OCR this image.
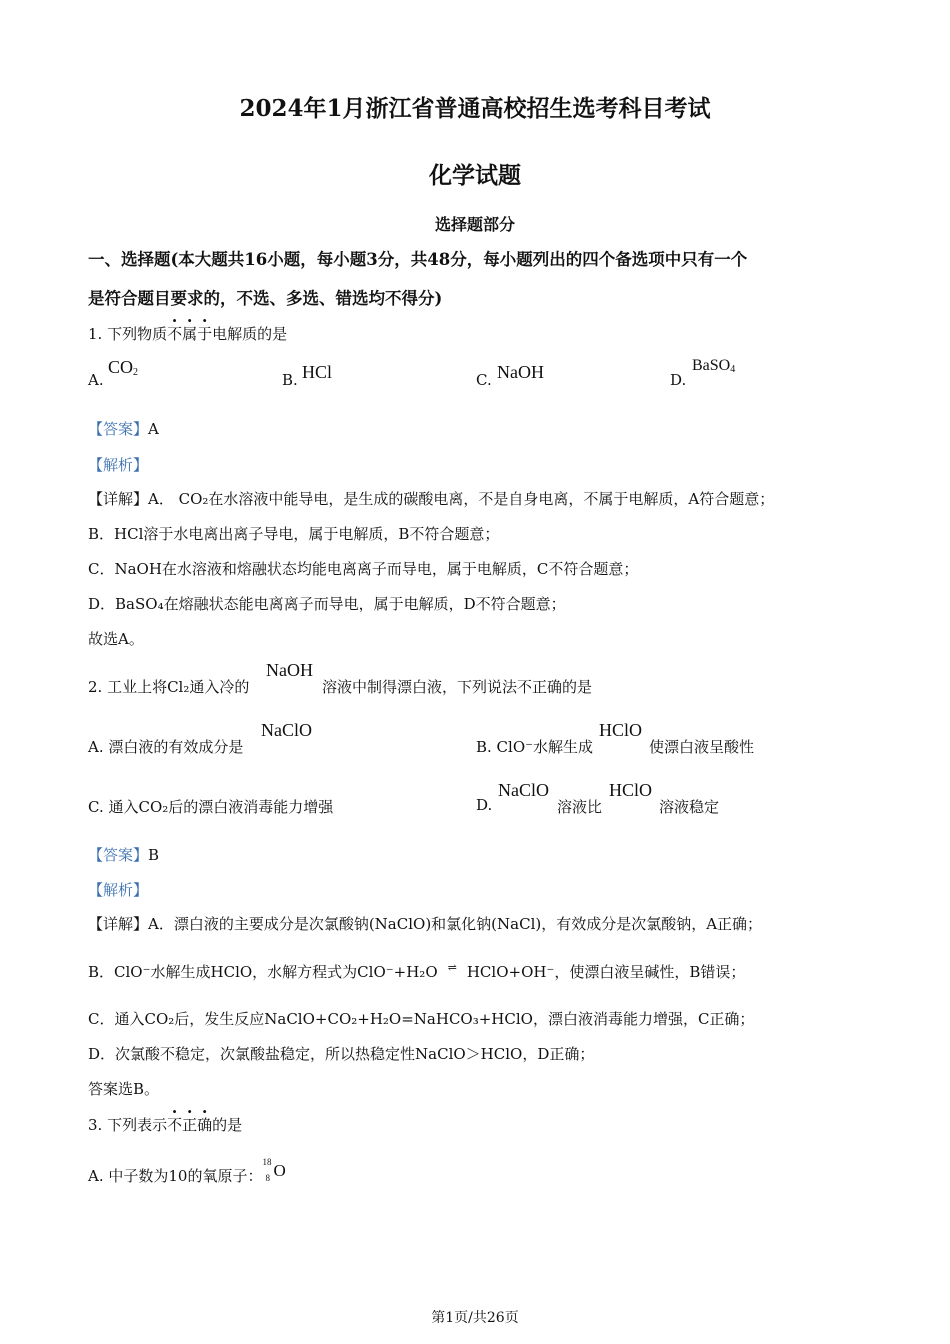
2024年1月浙江省普通高校招生选考科目考试
化学试题
选择题部分
一、选择题(本大题共16小题，每小题3分，共48分，每小题列出的四个备选项中只有一个
是符合题目要求的，不选、多选、错选均不得分)
1. 下列物质不属于电解质的是
A.
$CO_2$	B. HCl	C. NaOH	D.
BaSO$_4$
【答案】A
【解析】
【详解】A． CO₂在水溶液中能导电，是生成的碳酸电离，不是自身电离，不属于电解质，A符合题意；
B．HCl溶于水电离出离子导电，属于电解质，B不符合题意；
C．NaOH在水溶液和熔融状态均能电离离子而导电，属于电解质，C不符合题意；
D．BaSO₄在熔融状态能电离离子而导电，属于电解质，D不符合题意；
故选A。
2. 工业上将Cl₂通入冷的
NaOH
溶液中制得漂白液，下列说法不正确的是
A. 漂白液的有效成分是
NaClO
B. ClO⁻水解生成
HClO
使漂白液呈酸性
C. 通入CO₂后的漂白液消毒能力增强	D.
NaClO
溶液比
HClO
溶液稳定
【答案】B
【解析】
【详解】A．漂白液的主要成分是次氯酸钠(NaClO)和氯化钠(NaCl)，有效成分是次氯酸钠，A正确；
B．ClO⁻水解生成HClO，水解方程式为ClO⁻+H₂O ⇌ HClO+OH⁻，使漂白液呈碱性，B错误；
C．通入CO₂后，发生反应NaClO+CO₂+H₂O=NaHCO₃+HClO，漂白液消毒能力增强，C正确；
D．次氯酸不稳定，次氯酸盐稳定，所以热稳定性NaClO＞HClO，D正确；
答案选B。
3. 下列表示不正确的是
A. 中子数为10的氧原子：
18
8 O
第1页/共26页
